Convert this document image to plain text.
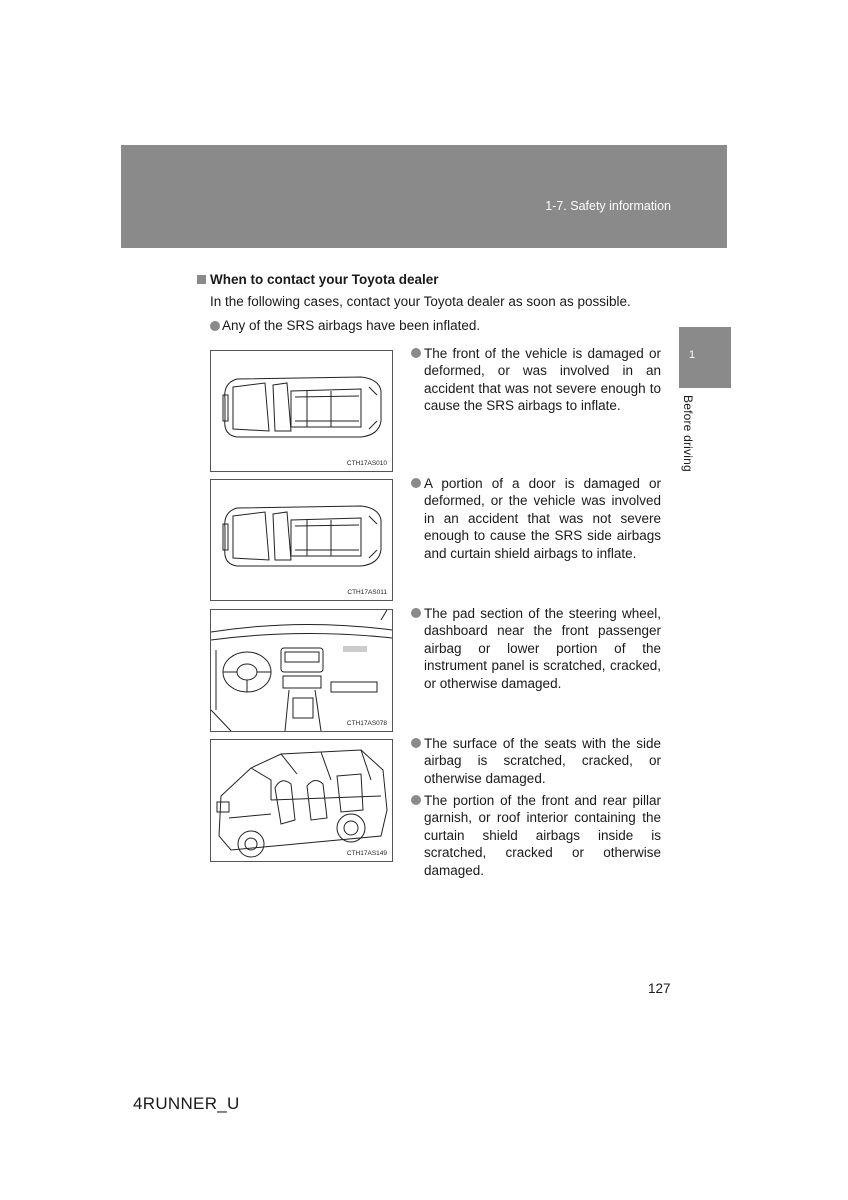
1-7. Safety information
1
Before driving
When to contact your Toyota dealer
In the following cases, contact your Toyota dealer as soon as possible.
Any of the SRS airbags have been inflated.
CTH17AS010
CTH17AS011
CTH17AS078
CTH17AS149
The front of the vehicle is damaged or deformed, or was involved in an accident that was not severe enough to cause the SRS airbags to inflate.
A portion of a door is damaged or deformed, or the vehicle was involved in an accident that was not severe enough to cause the SRS side airbags and curtain shield airbags to inflate.
The pad section of the steering wheel, dashboard near the front passenger airbag or lower portion of the instrument panel is scratched, cracked, or otherwise damaged.
The surface of the seats with the side airbag is scratched, cracked, or otherwise damaged.
The portion of the front and rear pillar garnish, or roof interior containing the curtain shield airbags inside is scratched, cracked or otherwise damaged.
127
4RUNNER_U
